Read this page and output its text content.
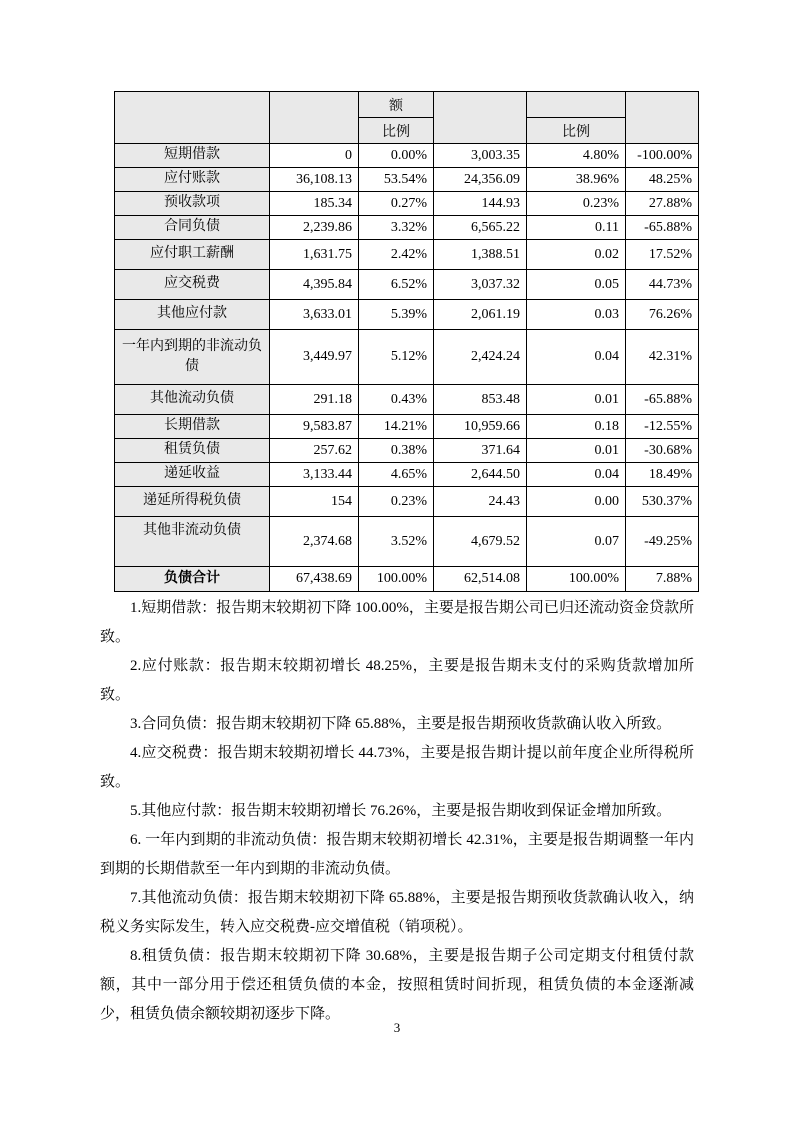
		额			
		比例		比例	
短期借款	0	0.00%	3,003.35	4.80%	-100.00%
应付账款	36,108.13	53.54%	24,356.09	38.96%	48.25%
预收款项	185.34	0.27%	144.93	0.23%	27.88%
合同负债	2,239.86	3.32%	6,565.22	0.11	-65.88%
应付职工薪酬	1,631.75	2.42%	1,388.51	0.02	17.52%
应交税费	4,395.84	6.52%	3,037.32	0.05	44.73%
其他应付款	3,633.01	5.39%	2,061.19	0.03	76.26%
一年内到期的非流动负债	3,449.97	5.12%	2,424.24	0.04	42.31%
其他流动负债	291.18	0.43%	853.48	0.01	-65.88%
长期借款	9,583.87	14.21%	10,959.66	0.18	-12.55%
租赁负债	257.62	0.38%	371.64	0.01	-30.68%
递延收益	3,133.44	4.65%	2,644.50	0.04	18.49%
递延所得税负债	154	0.23%	24.43	0.00	530.37%
其他非流动负债	2,374.68	3.52%	4,679.52	0.07	-49.25%
负债合计	67,438.69	100.00%	62,514.08	100.00%	7.88%

1.短期借款：报告期末较期初下降 100.00%，主要是报告期公司已归还流动资金贷款所致。

2.应付账款：报告期末较期初增长 48.25%，主要是报告期未支付的采购货款增加所致。

3.合同负债：报告期末较期初下降 65.88%，主要是报告期预收货款确认收入所致。

4.应交税费：报告期末较期初增长 44.73%，主要是报告期计提以前年度企业所得税所致。

5.其他应付款：报告期末较期初增长 76.26%，主要是报告期收到保证金增加所致。

6. 一年内到期的非流动负债：报告期末较期初增长 42.31%，主要是报告期调整一年内到期的长期借款至一年内到期的非流动负债。

7.其他流动负债：报告期末较期初下降 65.88%，主要是报告期预收货款确认收入，纳税义务实际发生，转入应交税费-应交增值税（销项税）。

8.租赁负债：报告期末较期初下降 30.68%，主要是报告期子公司定期支付租赁付款额，其中一部分用于偿还租赁负债的本金，按照租赁时间折现，租赁负债的本金逐渐减少，租赁负债余额较期初逐步下降。

3
